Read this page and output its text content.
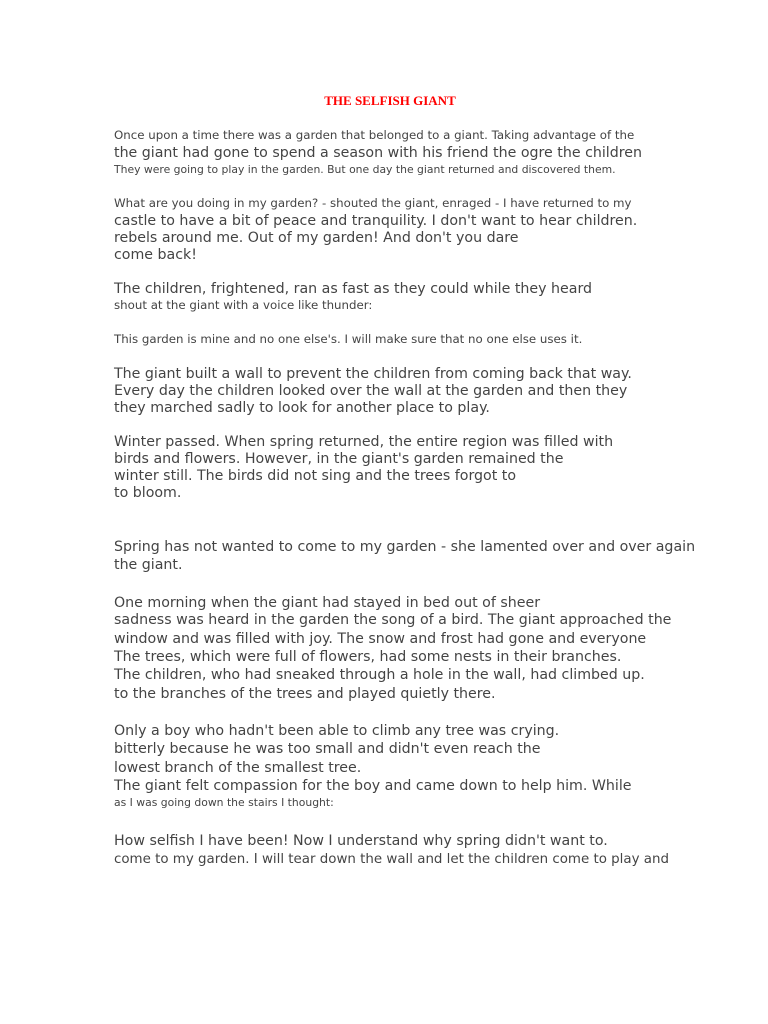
THE SELFISH GIANT
Once upon a time there was a garden that belonged to a giant. Taking advantage of the
the giant had gone to spend a season with his friend the ogre the children
They were going to play in the garden. But one day the giant returned and discovered them.
What are you doing in my garden? - shouted the giant, enraged - I have returned to my
castle to have a bit of peace and tranquility. I don't want to hear children.
rebels around me. Out of my garden! And don't you dare
come back!
The children, frightened, ran as fast as they could while they heard
shout at the giant with a voice like thunder:
This garden is mine and no one else's. I will make sure that no one else uses it.
The giant built a wall to prevent the children from coming back that way.
Every day the children looked over the wall at the garden and then they
they marched sadly to look for another place to play.
Winter passed. When spring returned, the entire region was filled with
birds and flowers. However, in the giant's garden remained the
winter still. The birds did not sing and the trees forgot to
to bloom.
Spring has not wanted to come to my garden - she lamented over and over again
the giant.
One morning when the giant had stayed in bed out of sheer
sadness was heard in the garden the song of a bird. The giant approached the
window and was filled with joy. The snow and frost had gone and everyone
The trees, which were full of flowers, had some nests in their branches.
The children, who had sneaked through a hole in the wall, had climbed up.
to the branches of the trees and played quietly there.
Only a boy who hadn't been able to climb any tree was crying.
bitterly because he was too small and didn't even reach the
lowest branch of the smallest tree.
The giant felt compassion for the boy and came down to help him. While
as I was going down the stairs I thought:
How selfish I have been! Now I understand why spring didn't want to.
come to my garden. I will tear down the wall and let the children come to play and
